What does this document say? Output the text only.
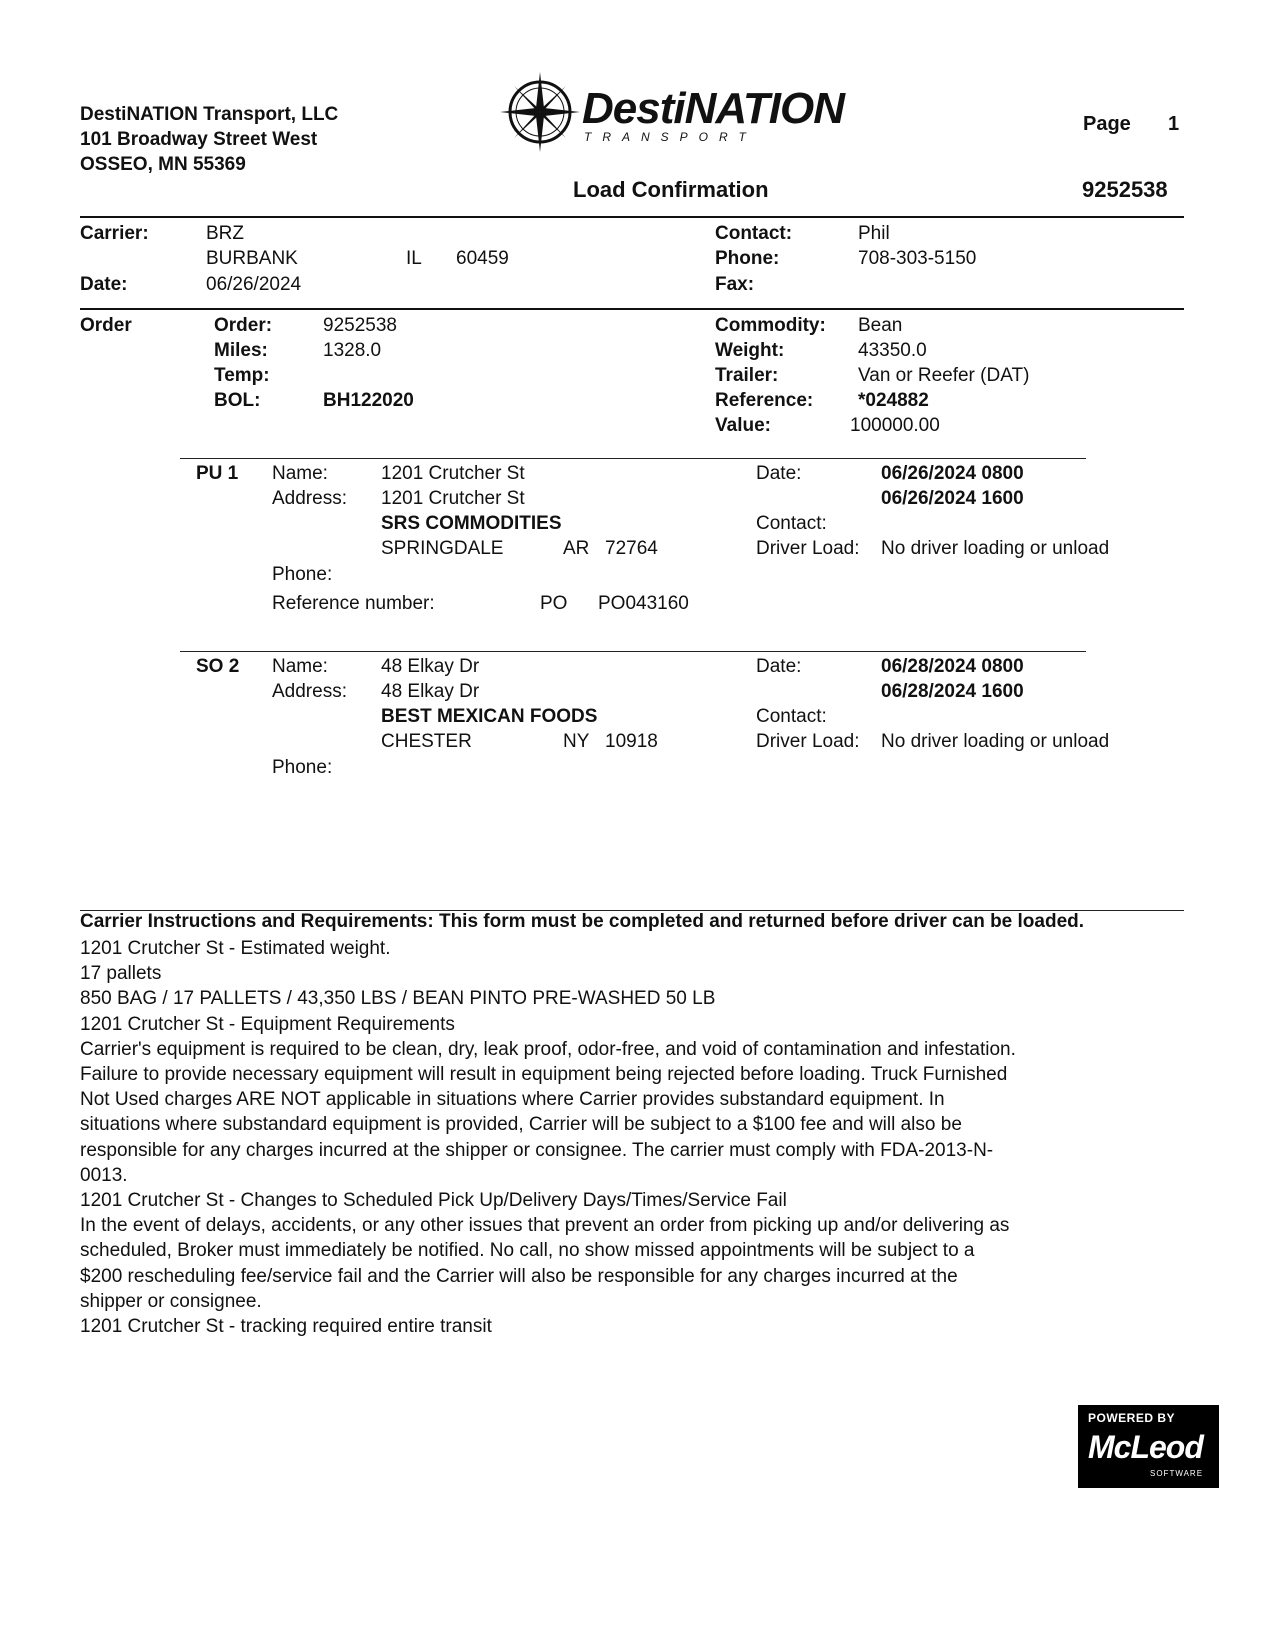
DestiNATION Transport, LLC
101 Broadway Street West
OSSEO, MN 55369
DestiNATION
TRANSPORT
Page 1
Load Confirmation	9252538
Carrier:	BRZ
BURBANK	IL 60459
Date:	06/26/2024
Contact:	Phil
Phone:	708-303-5150
Fax:
Order	Order:	9252538
Miles:	1328.0
Temp:
BOL:	BH122020
Commodity: Bean
Weight:	43350.0
Trailer:	Van or Reefer (DAT)
Reference: *024882
Value:	100000.00
PU 1 Name:	1201 Crutcher St
Address: 1201 Crutcher St
SRS COMMODITIES
SPRINGDALE	AR 72764
Phone:
Reference number:	PO PO043160
Date:	06/26/2024 0800
06/26/2024 1600
Contact:
Driver Load: No driver loading or unload
SO 2 Name:	48 Elkay Dr
Address: 48 Elkay Dr
BEST MEXICAN FOODS
CHESTER	NY 10918
Phone:
Date:	06/28/2024 0800
06/28/2024 1600
Contact:
Driver Load: No driver loading or unload
Carrier Instructions and Requirements: This form must be completed and returned before driver can be loaded.
1201 Crutcher St - Estimated weight.
17 pallets
850 BAG / 17 PALLETS / 43,350 LBS / BEAN PINTO PRE-WASHED 50 LB
1201 Crutcher St - Equipment Requirements
Carrier's equipment is required to be clean, dry, leak proof, odor-free, and void of contamination and infestation.
Failure to provide necessary equipment will result in equipment being rejected before loading. Truck Furnished
Not Used charges ARE NOT applicable in situations where Carrier provides substandard equipment. In
situations where substandard equipment is provided, Carrier will be subject to a $100 fee and will also be
responsible for any charges incurred at the shipper or consignee. The carrier must comply with FDA-2013-N-
0013.
1201 Crutcher St - Changes to Scheduled Pick Up/Delivery Days/Times/Service Fail
In the event of delays, accidents, or any other issues that prevent an order from picking up and/or delivering as
scheduled, Broker must immediately be notified. No call, no show missed appointments will be subject to a
$200 rescheduling fee/service fail and the Carrier will also be responsible for any charges incurred at the
shipper or consignee.
1201 Crutcher St - tracking required entire transit
POWERED BY
McLeod
SOFTWARE
